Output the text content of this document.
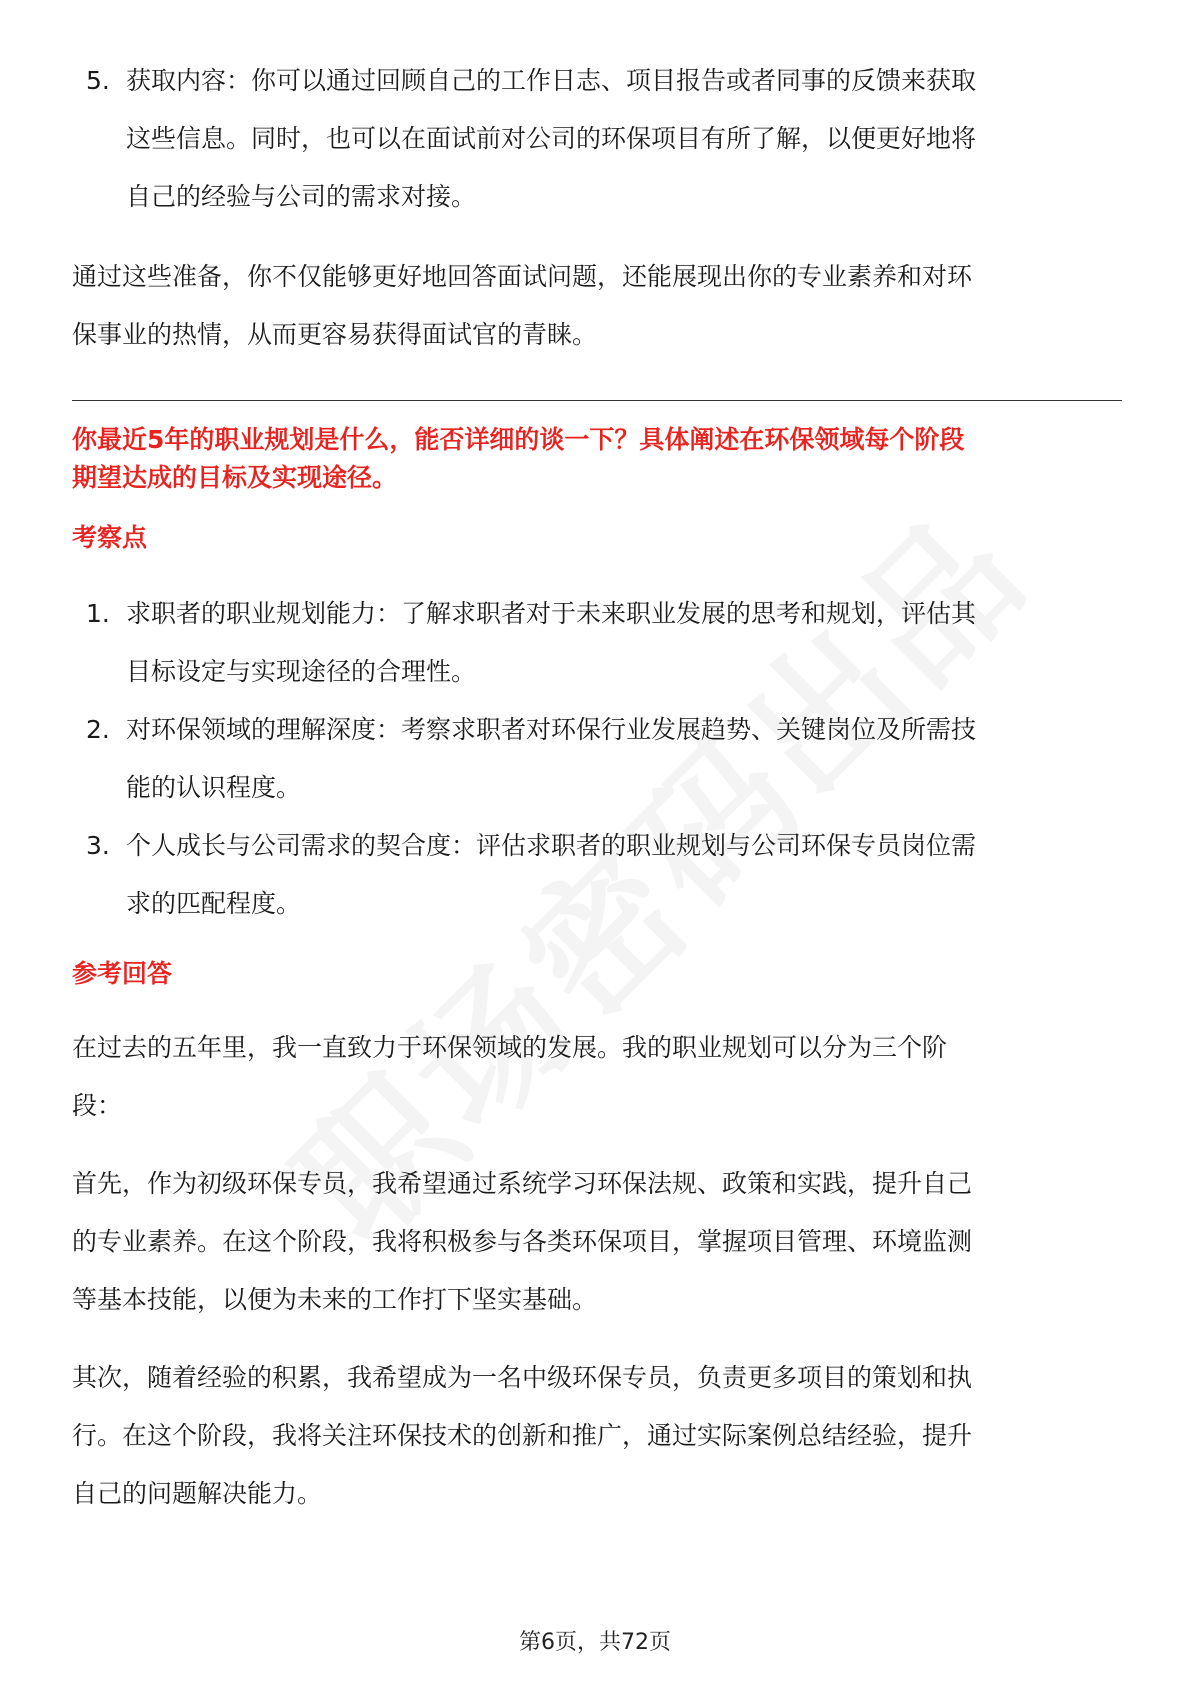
5. 获取内容：你可以通过回顾自己的工作日志、项目报告或者同事的反馈来获取
这些信息。同时，也可以在面试前对公司的环保项目有所了解，以便更好地将
自己的经验与公司的需求对接。

通过这些准备，你不仅能够更好地回答面试问题，还能展现出你的专业素养和对环

保事业的热情，从而更容易获得面试官的青睐。

你最近5年的职业规划是什么，能否详细的谈一下？具体阐述在环保领域每个阶段
期望达成的目标及实现途径。
考察点
1. 求职者的职业规划能力：了解求职者对于未来职业发展的思考和规划，评估其
目标设定与实现途径的合理性。
2. 对环保领域的理解深度：考察求职者对环保行业发展趋势、关键岗位及所需技
能的认识程度。
3. 个人成长与公司需求的契合度：评估求职者的职业规划与公司环保专员岗位需
求的匹配程度。
参考回答

在过去的五年里，我一直致力于环保领域的发展。我的职业规划可以分为三个阶

段：

首先，作为初级环保专员，我希望通过系统学习环保法规、政策和实践，提升自己

的专业素养。在这个阶段，我将积极参与各类环保项目，掌握项目管理、环境监测

等基本技能，以便为未来的工作打下坚实基础。

其次，随着经验的积累，我希望成为一名中级环保专员，负责更多项目的策划和执

行。在这个阶段，我将关注环保技术的创新和推广，通过实际案例总结经验，提升

自己的问题解决能力。

第6页，共72页
